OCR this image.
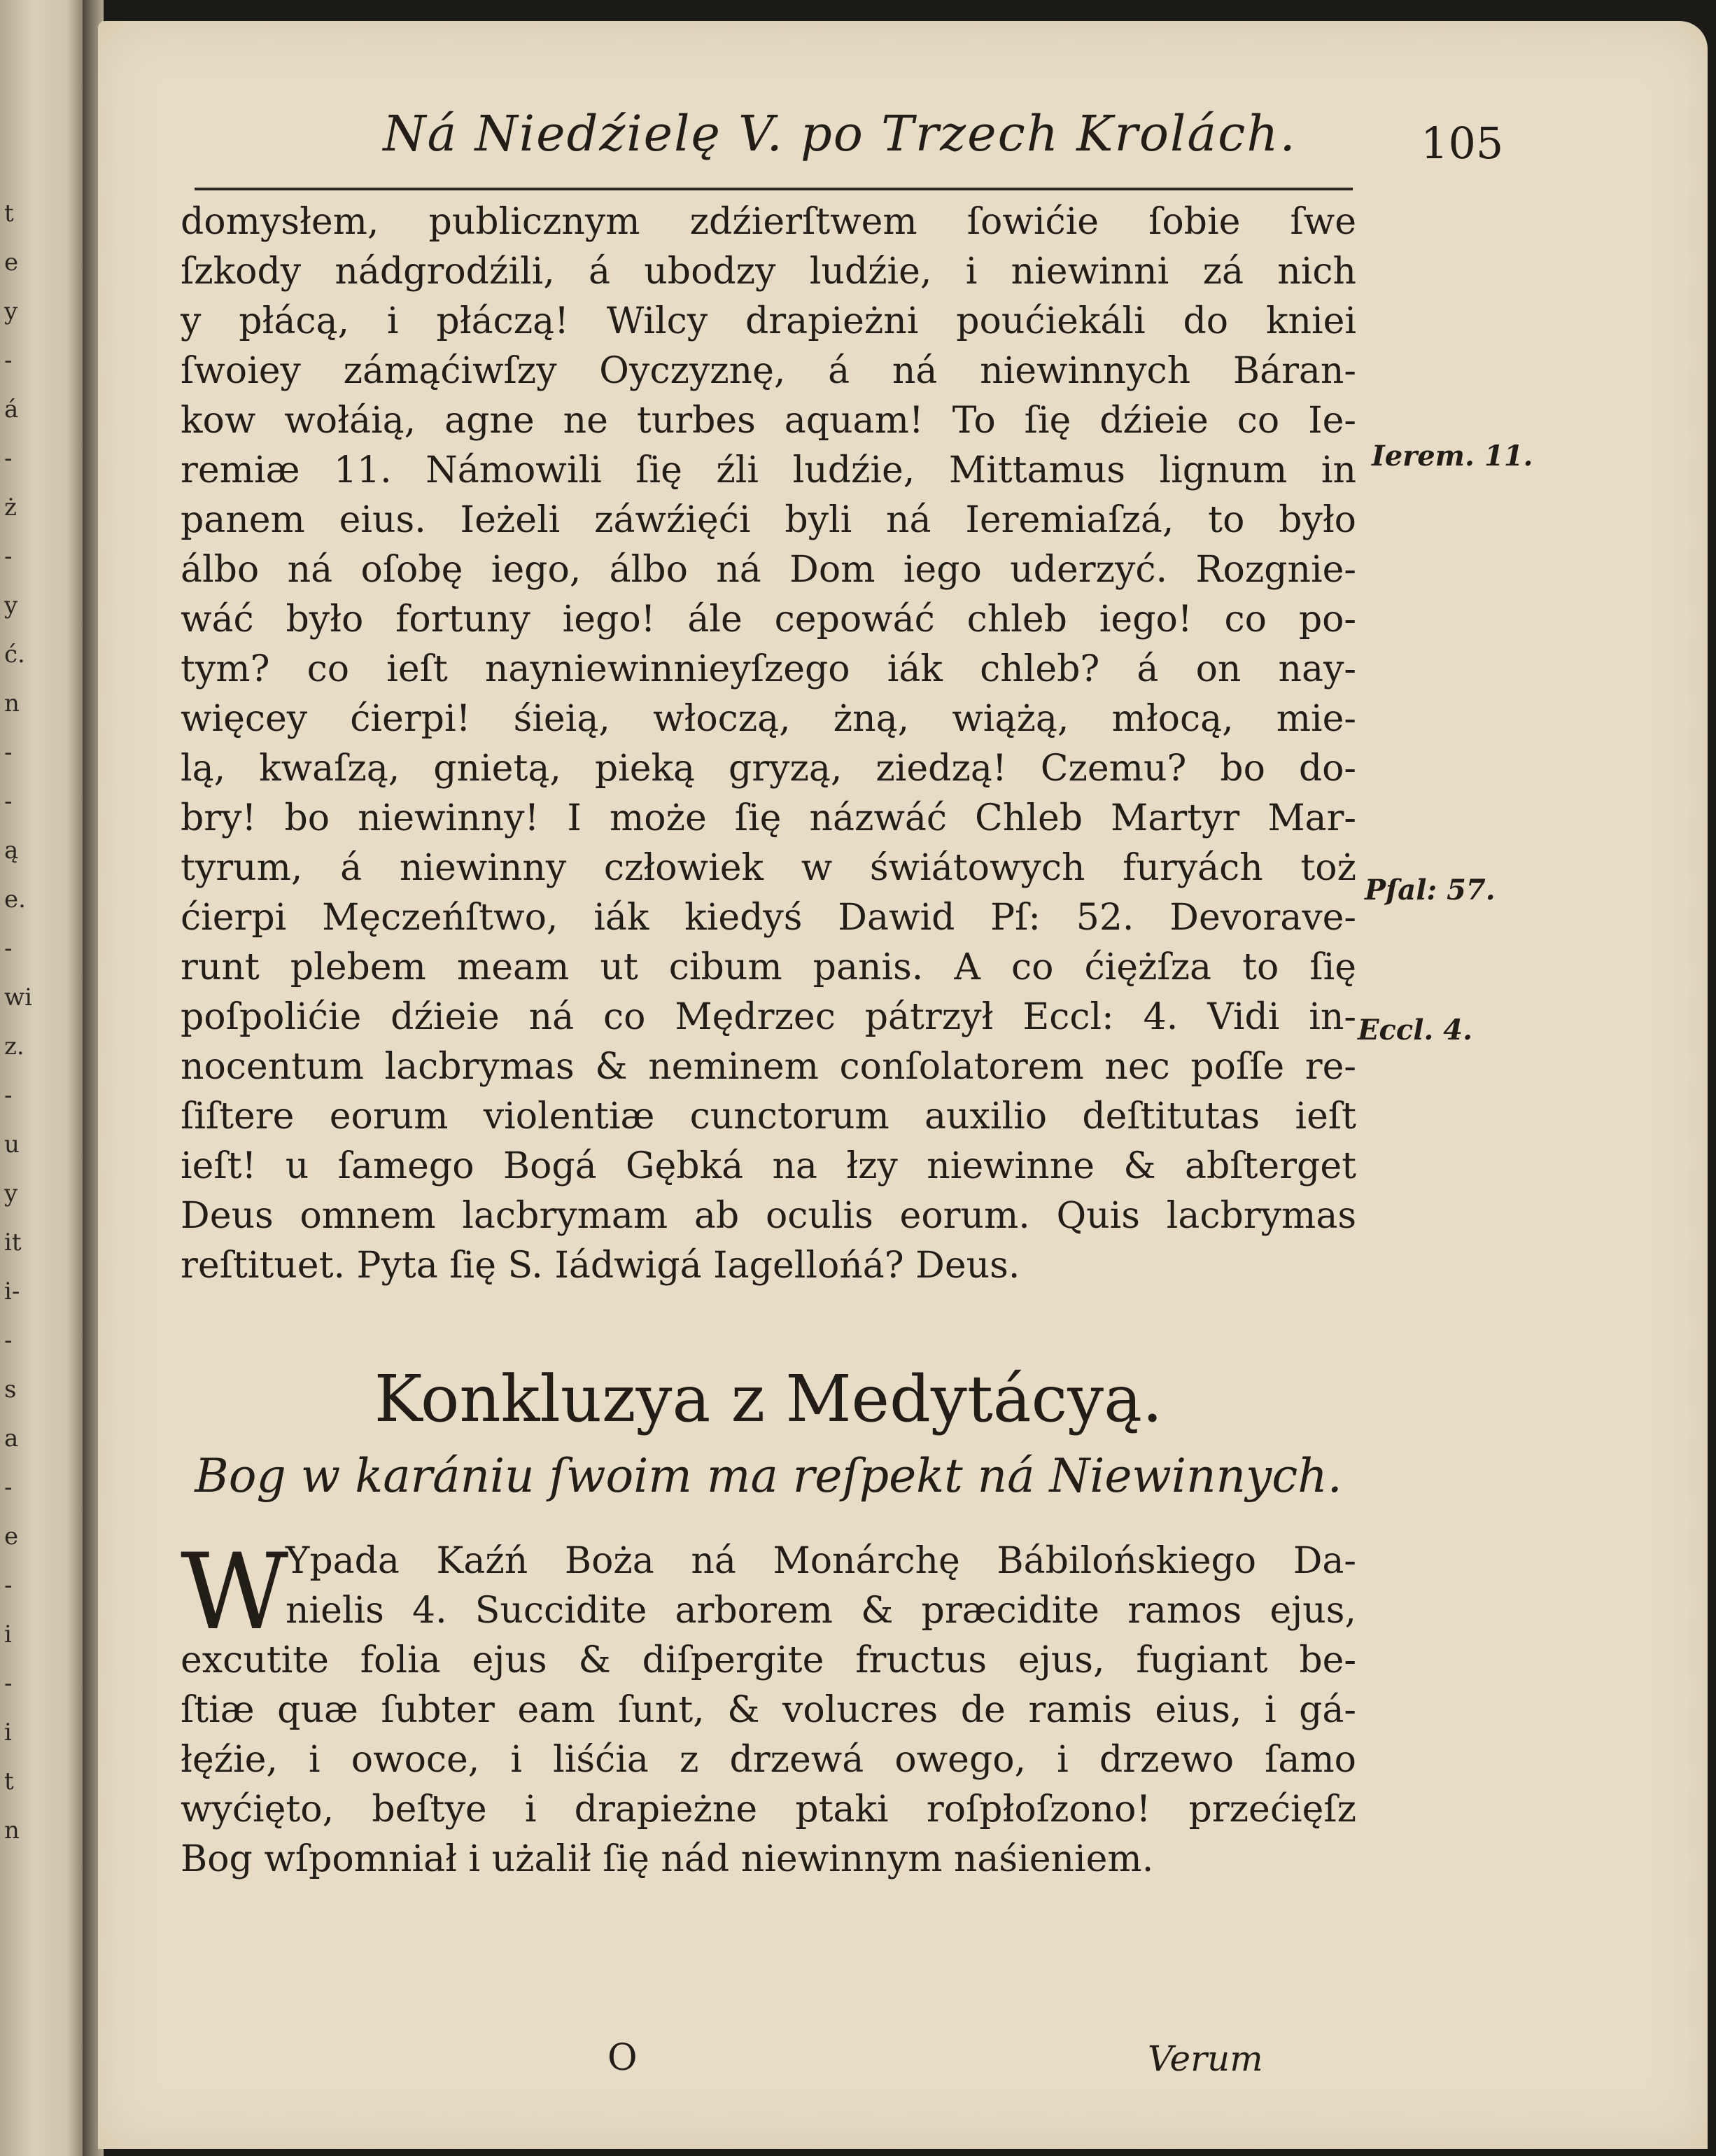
t
e
y
-
á
-
ż
-
y
ć.
n
-
-
ą
e.
-
wi
z.
-
u
y
it
i-
-
s
a
-
e
-
i
-
i
t
n
Ná Niedźielę V. po Trzech Krolách.	105
domysłem, publicznym zdźierſtwem ſowićie ſobie ſwe
ſzkody nádgrodźili, á ubodzy ludźie, i niewinni zá nich
y płácą, i płáczą! Wilcy drapieżni poućiekáli do kniei
ſwoiey zámąćiwſzy Oyczyznę, á ná niewinnych Báran-
kow wołáią, agne ne turbes aquam! To ſię dźieie co Ie-
remiæ 11. Námowili ſię źli ludźie, Mittamus lignum in
panem eius. Ieżeli záwźięći byli ná Ieremiaſzá, to było
álbo ná oſobę iego, álbo ná Dom iego uderzyć. Rozgnie-
wáć było fortuny iego! ále cepowáć chleb iego! co po-
tym? co ieſt nayniewinnieyſzego iák chleb? á on nay-
więcey ćierpi! śieią, włoczą, żną, wiążą, młocą, mie-
lą, kwaſzą, gnietą, pieką gryzą, ziedzą! Czemu? bo do-
bry! bo niewinny! I może ſię názwáć Chleb Martyr Mar-
tyrum, á niewinny człowiek w świátowych furyách toż
ćierpi Męczeńſtwo, iák kiedyś Dawid Pſ: 52. Devorave-
runt plebem meam ut cibum panis. A co ćiężſza to ſię
poſpolićie dźieie ná co Mędrzec pátrzył Eccl: 4. Vidi in-
nocentum lacbrymas & neminem conſolatorem nec poſſe re-
ſiſtere eorum violentiæ cunctorum auxilio deſtitutas ieſt
ieſt! u ſamego Bogá Gębká na łzy niewinne & abſterget
Deus omnem lacbrymam ab oculis eorum. Quis lacbrymas
reſtituet. Pyta ſię S. Iádwigá Iagellońá? Deus.
Ierem. 11.
Pſal: 57.
Eccl. 4.
Konkluzya z Medytácyą.
Bog w karániu ſwoim ma reſpekt ná Niewinnych.
W
Ypada Kaźń Boża ná Monárchę Bábilońskiego Da-
nielis 4. Succidite arborem & præcidite ramos ejus,
excutite folia ejus & diſpergite fructus ejus, fugiant be-
ſtiæ quæ ſubter eam ſunt, & volucres de ramis eius, i gá-
łęźie, i owoce, i liśćia z drzewá owego, i drzewo ſamo
wyćięto, beſtye i drapieżne ptaki roſpłoſzono! przećięſz
Bog wſpomniał i użalił ſię nád niewinnym naśieniem.
O	Verum
